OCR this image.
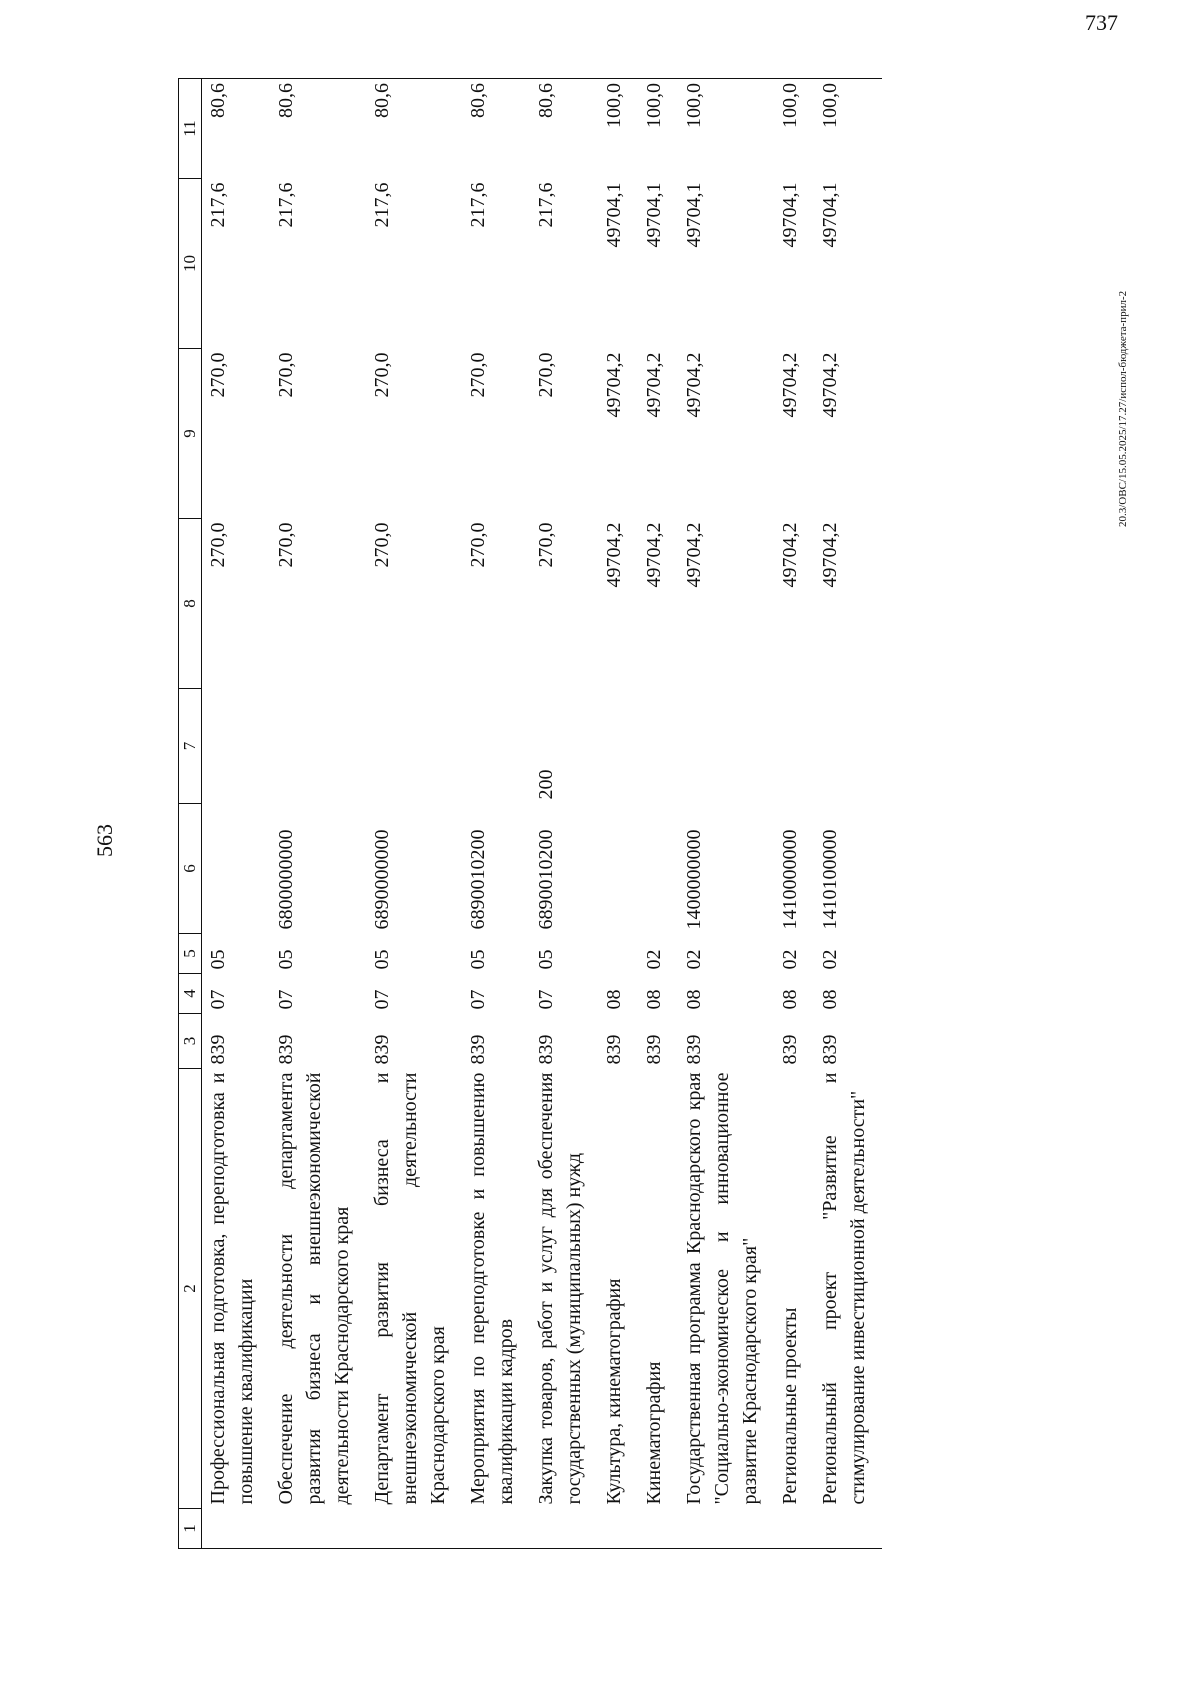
563
1	2	3	4	5	6	7	8	9	10	11
	Профессиональная подготовка, переподготовка и повышение квалификации	839	07	05			270,0	270,0	217,6	80,6
	Обеспечение деятельности департамента развития бизнеса и внешнеэкономической деятельности Краснодарского края	839	07	05	6800000000		270,0	270,0	217,6	80,6
	Департамент развития бизнеса и внешнеэкономической деятельности Краснодарского края	839	07	05	6890000000		270,0	270,0	217,6	80,6
	Мероприятия по переподготовке и повышению квалификации кадров	839	07	05	6890010200		270,0	270,0	217,6	80,6
	Закупка товаров, работ и услуг для обеспечения государственных (муниципальных) нужд	839	07	05	6890010200	200	270,0	270,0	217,6	80,6
	Культура, кинематография	839	08				49704,2	49704,2	49704,1	100,0
	Кинематография	839	08	02			49704,2	49704,2	49704,1	100,0
	Государственная программа Краснодарского края "Социально-экономическое и инновационное развитие Краснодарского края"	839	08	02	1400000000		49704,2	49704,2	49704,1	100,0
	Региональные проекты	839	08	02	1410000000		49704,2	49704,2	49704,1	100,0
	Региональный проект "Развитие и стимулирование инвестиционной деятельности"	839	08	02	1410100000		49704,2	49704,2	49704,1	100,0
20.3/ОВС/15.05.2025/17.27/испол-бюджета-прил-2
737
